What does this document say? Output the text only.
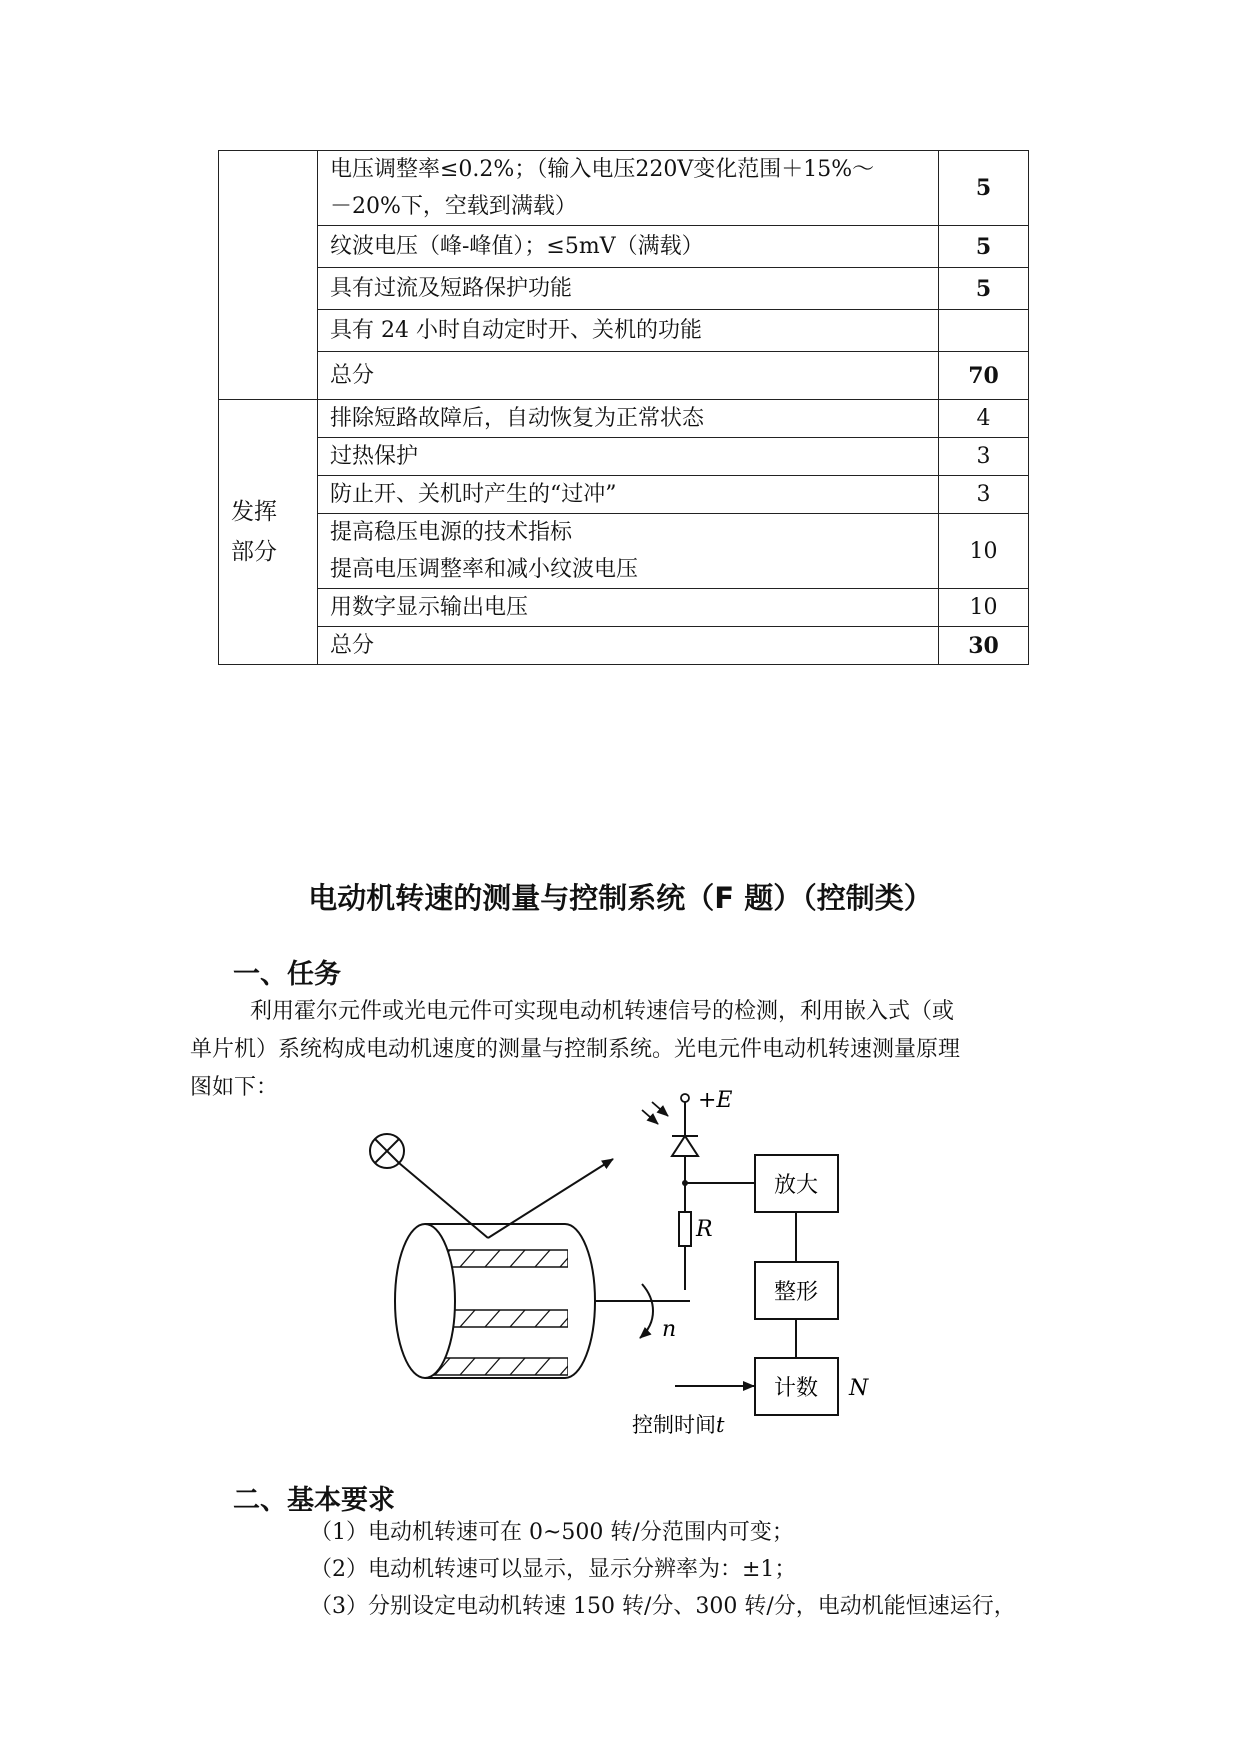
	电压调整率≤0.2%；（输入电压220V变化范围＋15%～
－20%下，空载到满载）	5

	纹波电压（峰-峰值）；≤5mV（满载）	5

	具有过流及短路保护功能	5

	具有 24 小时自动定时开、关机的功能	

	总分	70

发挥
部分	排除短路故障后，自动恢复为正常状态	4

	过热保护	3

	防止开、关机时产生的“过冲”	3

	提高稳压电源的技术指标
提高电压调整率和减小纹波电压	10

	用数字显示输出电压	10

	总分	30
电动机转速的测量与控制系统（F 题）（控制类）
一、任务

利用霍尔元件或光电元件可实现电动机转速信号的检测，利用嵌入式（或

单片机）系统构成电动机速度的测量与控制系统。光电元件电动机转速测量原理

图如下：

n
+E
R
放大
整形
计数 N
控制时间t
二、基本要求
（1）电动机转速可在 0~500 转/分范围内可变；
（2）电动机转速可以显示，显示分辨率为：±1；
（3）分别设定电动机转速 150 转/分、300 转/分，电动机能恒速运行，
